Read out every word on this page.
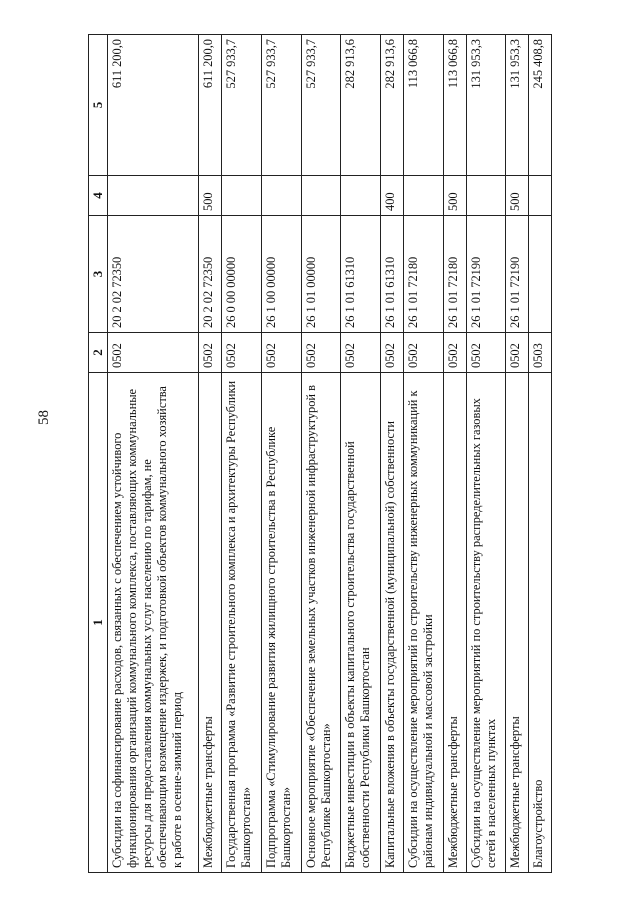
58
1	2	3	4	5
Субсидии на софинансирование расходов, связанных с обеспечением устойчивого функционирования организаций коммунального комплекса, поставляющих коммунальные ресурсы для предоставления коммунальных услуг населению по тарифам, не обеспечивающим возмещение издержек, и подготовкой объектов коммунального хозяйства к работе в осенне-зимний период	0502	20 2 02 72350		611 200,0
Межбюджетные трансферты	0502	20 2 02 72350	500	611 200,0
Государственная программа «Развитие строительного комплекса и архитектуры Республики Башкортостан»	0502	26 0 00 00000		527 933,7
Подпрограмма «Стимулирование развития жилищного строительства в Республике Башкортостан»	0502	26 1 00 00000		527 933,7
Основное мероприятие «Обеспечение земельных участков инженерной инфраструктурой в Республике Башкортостан»	0502	26 1 01 00000		527 933,7
Бюджетные инвестиции в объекты капитального строительства государственной собственности Республики Башкортостан	0502	26 1 01 61310		282 913,6
Капитальные вложения в объекты государственной (муниципальной) собственности	0502	26 1 01 61310	400	282 913,6
Субсидии на осуществление мероприятий по строительству инженерных коммуникаций к районам индивидуальной и массовой застройки	0502	26 1 01 72180		113 066,8
Межбюджетные трансферты	0502	26 1 01 72180	500	113 066,8
Субсидии на осуществление мероприятий по строительству распределительных газовых сетей в населенных пунктах	0502	26 1 01 72190		131 953,3
Межбюджетные трансферты	0502	26 1 01 72190	500	131 953,3
Благоустройство	0503			245 408,8
